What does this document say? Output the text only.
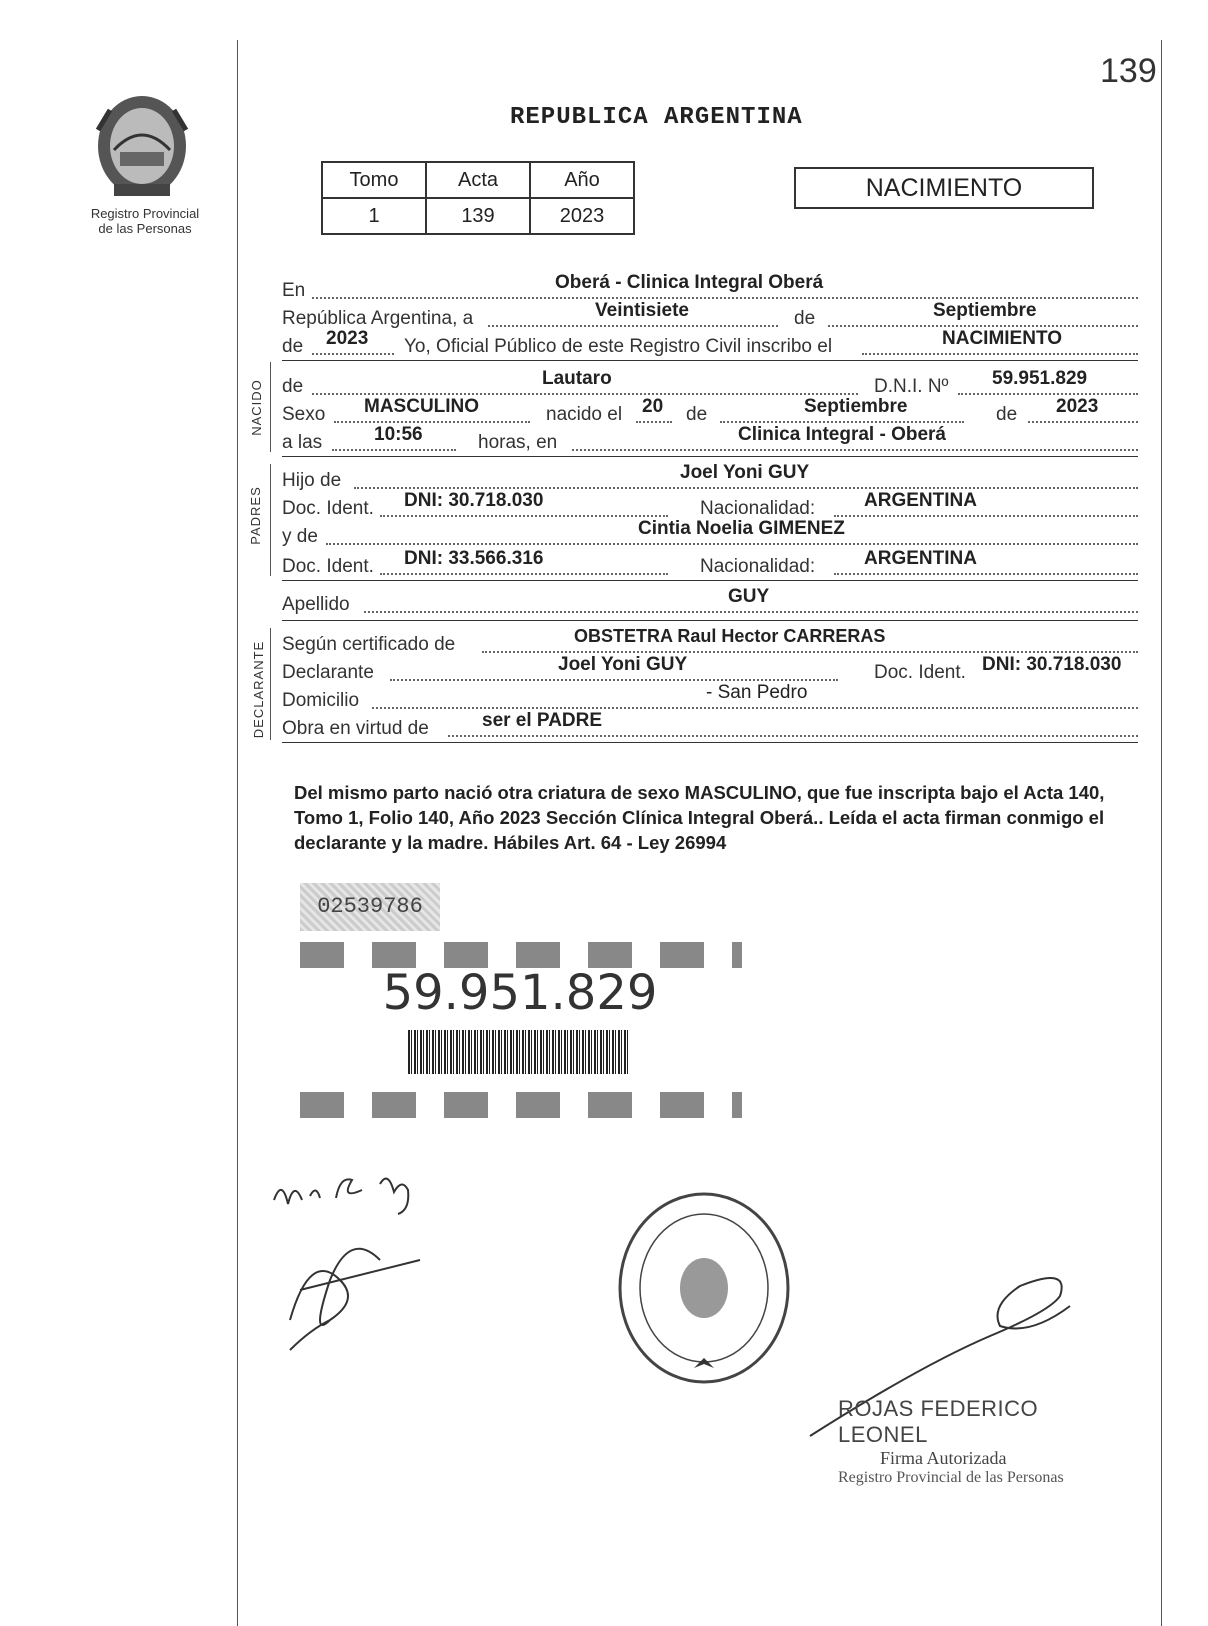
139
Registro Provincial
de las Personas
REPUBLICA ARGENTINA
Tomo	Acta	Año
1	139	2023
NACIMIENTO
En	Oberá - Clinica Integral Oberá
República Argentina, a	Veintisiete	de	Septiembre
de 2023 Yo, Oficial Público de este Registro Civil inscribo el	NACIMIENTO
NACIDO de	Lautaro	D.N.I. Nº 59.951.829
Sexo MASCULINO	nacido el 20 de	Septiembre	de 2023
a las	10:56	horas, en	Clinica Integral - Oberá
PADRES
Hijo de	Joel Yoni GUY
Doc. Ident. DNI: 30.718.030	Nacionalidad:	ARGENTINA
y de	Cintia Noelia GIMENEZ
Doc. Ident. DNI: 33.566.316	Nacionalidad:	ARGENTINA
Apellido	GUY
DECLARANTE Según certificado de	OBSTETRA Raul Hector CARRERAS
Declarante	Joel Yoni GUY	Doc. Ident. DNI: 30.718.030
Domicilio	- San Pedro
Obra en virtud de	ser el PADRE
Del mismo parto nació otra criatura de sexo MASCULINO, que fue inscripta bajo el Acta 140, Tomo 1, Folio 140, Año 2023 Sección Clínica Integral Oberá.. Leída el acta firman conmigo el declarante y la madre. Hábiles Art. 64 - Ley 26994
02539786
59.951.829
ROJAS FEDERICO LEONEL
Firma Autorizada
Registro Provincial de las Personas
